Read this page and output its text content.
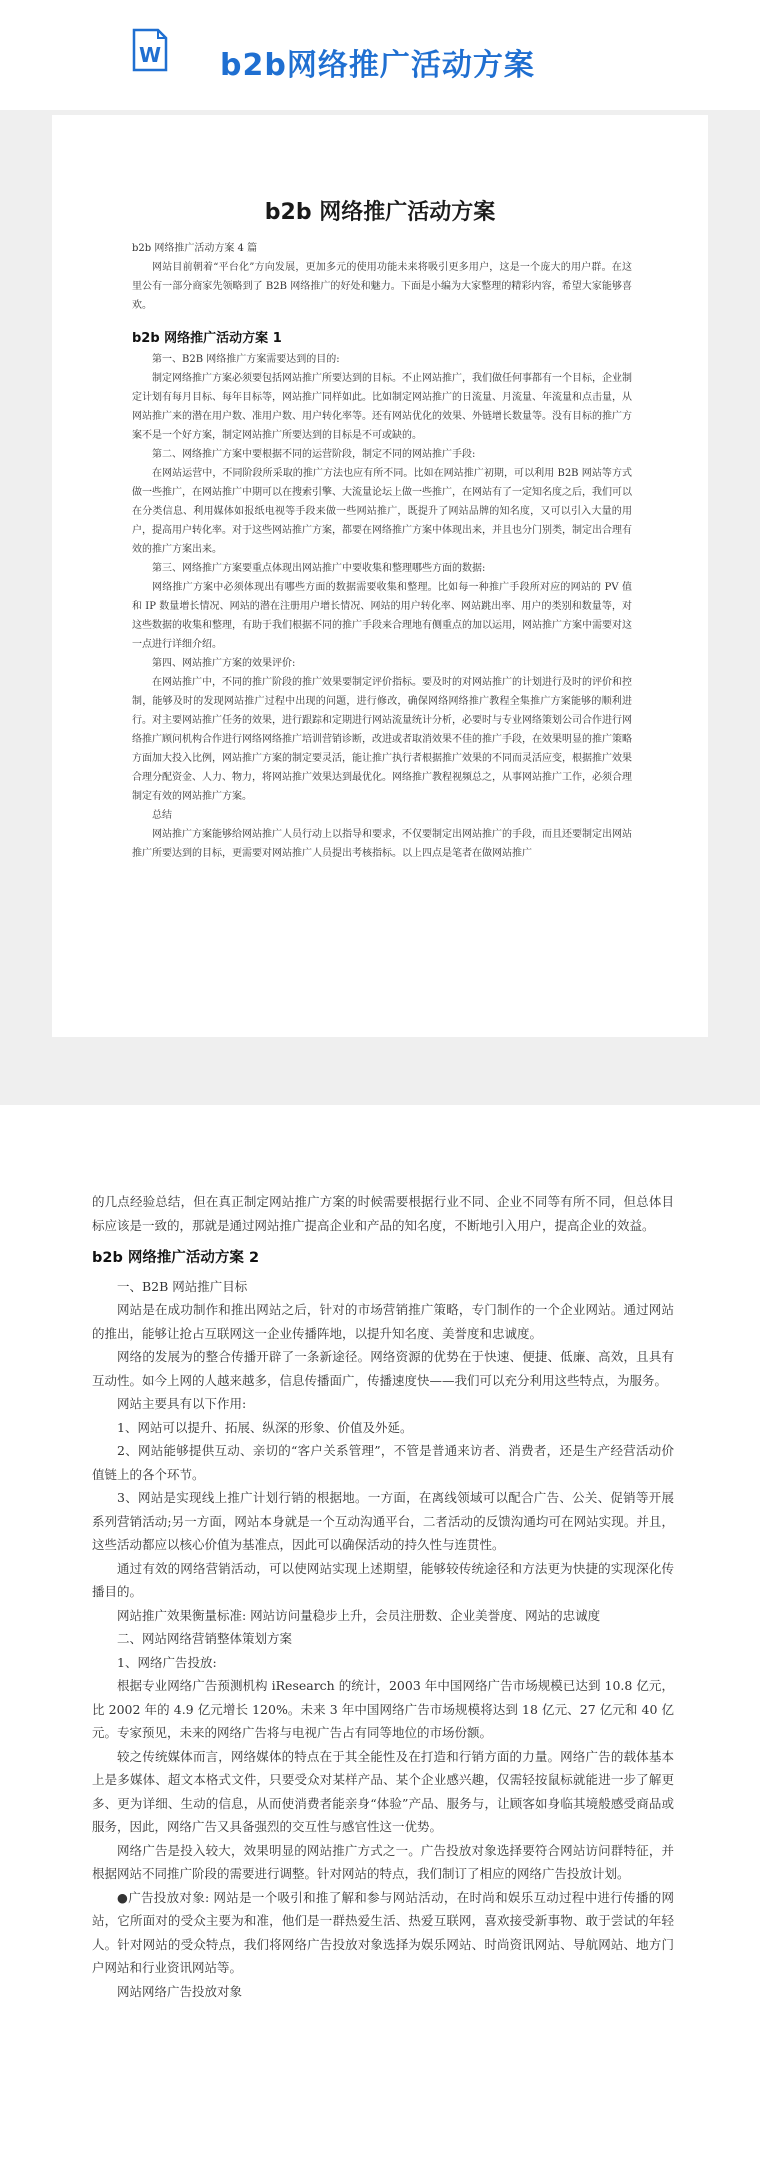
W b2b网络推广活动方案
b2b 网络推广活动方案

b2b 网络推广活动方案 4 篇

网站目前朝着“平台化”方向发展，更加多元的使用功能未来将吸引更多用户，这是一个庞大的用户群。在这里公有一部分商家先领略到了 B2B 网络推广的好处和魅力。下面是小编为大家整理的精彩内容，希望大家能够喜欢。

b2b 网络推广活动方案 1

第一、B2B 网络推广方案需要达到的目的:

制定网络推广方案必须要包括网站推广所要达到的目标。不止网站推广，我们做任何事都有一个目标，企业制定计划有每月目标、每年目标等，网站推广同样如此。比如制定网站推广的日流量、月流量、年流量和点击量，从网站推广来的潜在用户数、准用户数、用户转化率等。还有网站优化的效果、外链增长数量等。没有目标的推广方案不是一个好方案，制定网站推广所要达到的目标是不可或缺的。

第二、网络推广方案中要根据不同的运营阶段，制定不同的网站推广手段:

在网站运营中，不同阶段所采取的推广方法也应有所不同。比如在网站推广初期，可以利用 B2B 网站等方式做一些推广，在网站推广中期可以在搜索引擎、大流量论坛上做一些推广，在网站有了一定知名度之后，我们可以在分类信息、利用媒体如报纸电视等手段来做一些网站推广，既提升了网站品牌的知名度，又可以引入大量的用户，提高用户转化率。对于这些网站推广方案，都要在网络推广方案中体现出来，并且也分门别类，制定出合理有效的推广方案出来。

第三、网络推广方案要重点体现出网站推广中要收集和整理哪些方面的数据:

网络推广方案中必须体现出有哪些方面的数据需要收集和整理。比如每一种推广手段所对应的网站的 PV 值和 IP 数量增长情况、网站的潜在注册用户增长情况、网站的用户转化率、网站跳出率、用户的类别和数量等，对这些数据的收集和整理，有助于我们根据不同的推广手段来合理地有侧重点的加以运用，网站推广方案中需要对这一点进行详细介绍。

第四、网站推广方案的效果评价:

在网站推广中，不同的推广阶段的推广效果要制定评价指标。要及时的对网站推广的计划进行及时的评价和控制，能够及时的发现网站推广过程中出现的问题，进行修改，确保网络网络推广教程全集推广方案能够的顺利进行。对主要网站推广任务的效果，进行跟踪和定期进行网站流量统计分析，必要时与专业网络策划公司合作进行网络推广顾问机构合作进行网络网络推广培训营销诊断，改进或者取消效果不佳的推广手段，在效果明显的推广策略方面加大投入比例，网站推广方案的制定要灵活，能让推广执行者根据推广效果的不同而灵活应变，根据推广效果合理分配资金、人力、物力，将网站推广效果达到最优化。网络推广教程视频总之，从事网站推广工作，必须合理制定有效的网站推广方案。

总结

网站推广方案能够给网站推广人员行动上以指导和要求，不仅要制定出网站推广的手段，而且还要制定出网站推广所要达到的目标，更需要对网站推广人员提出考核指标。以上四点是笔者在做网站推广

的几点经验总结，但在真正制定网站推广方案的时候需要根据行业不同、企业不同等有所不同，但总体目标应该是一致的，那就是通过网站推广提高企业和产品的知名度，不断地引入用户，提高企业的效益。

b2b 网络推广活动方案 2

一、B2B 网站推广目标

网站是在成功制作和推出网站之后，针对的市场营销推广策略，专门制作的一个企业网站。通过网站的推出，能够让抢占互联网这一企业传播阵地，以提升知名度、美誉度和忠诚度。

网络的发展为的整合传播开辟了一条新途径。网络资源的优势在于快速、便捷、低廉、高效，且具有互动性。如今上网的人越来越多，信息传播面广，传播速度快——我们可以充分利用这些特点，为服务。

网站主要具有以下作用:

1、网站可以提升、拓展、纵深的形象、价值及外延。

2、网站能够提供互动、亲切的“客户关系管理”，不管是普通来访者、消费者，还是生产经营活动价值链上的各个环节。

3、网站是实现线上推广计划行销的根据地。一方面，在离线领域可以配合广告、公关、促销等开展系列营销活动;另一方面，网站本身就是一个互动沟通平台，二者活动的反馈沟通均可在网站实现。并且，这些活动都应以核心价值为基准点，因此可以确保活动的持久性与连贯性。

通过有效的网络营销活动，可以使网站实现上述期望，能够较传统途径和方法更为快捷的实现深化传播目的。

网站推广效果衡量标准: 网站访问量稳步上升，会员注册数、企业美誉度、网站的忠诚度

二、网站网络营销整体策划方案

1、网络广告投放:

根据专业网络广告预测机构 iResearch 的统计，2003 年中国网络广告市场规模已达到 10.8 亿元，比 2002 年的 4.9 亿元增长 120%。未来 3 年中国网络广告市场规模将达到 18 亿元、27 亿元和 40 亿元。专家预见，未来的网络广告将与电视广告占有同等地位的市场份额。

较之传统媒体而言，网络媒体的特点在于其全能性及在打造和行销方面的力量。网络广告的载体基本上是多媒体、超文本格式文件，只要受众对某样产品、某个企业感兴趣，仅需轻按鼠标就能进一步了解更多、更为详细、生动的信息，从而使消费者能亲身“体验”产品、服务与，让顾客如身临其境般感受商品或服务，因此，网络广告又具备强烈的交互性与感官性这一优势。

网络广告是投入较大，效果明显的网站推广方式之一。广告投放对象选择要符合网站访问群特征，并根据网站不同推广阶段的需要进行调整。针对网站的特点，我们制订了相应的网络广告投放计划。

●广告投放对象: 网站是一个吸引和推了解和参与网站活动，在时尚和娱乐互动过程中进行传播的网站，它所面对的受众主要为和准，他们是一群热爱生活、热爱互联网，喜欢接受新事物、敢于尝试的年轻人。针对网站的受众特点，我们将网络广告投放对象选择为娱乐网站、时尚资讯网站、导航网站、地方门户网站和行业资讯网站等。

网站网络广告投放对象
